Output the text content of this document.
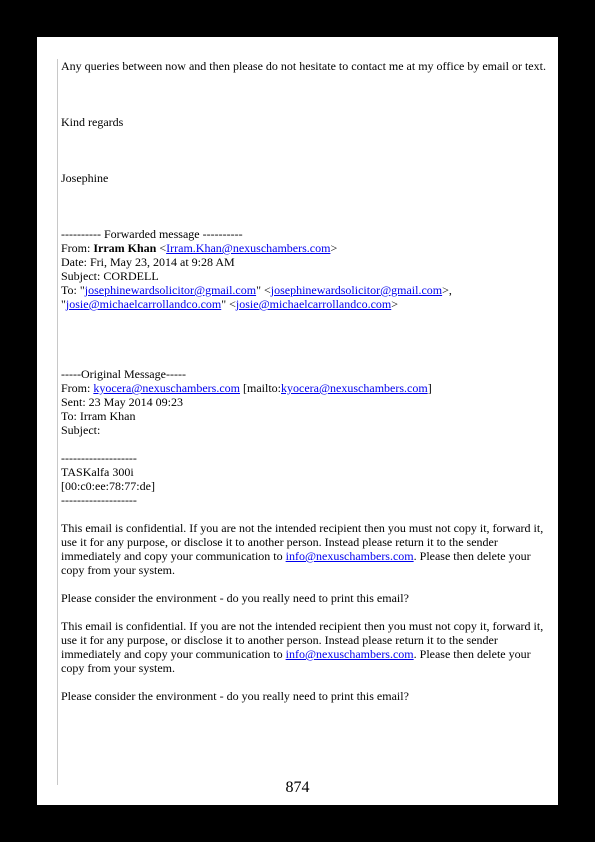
Any queries between now and then please do not hesitate to contact me at my office by email or text.

Kind regards

Josephine

---------- Forwarded message ----------

From: Irram Khan <Irram.Khan@nexuschambers.com>

Date: Fri, May 23, 2014 at 9:28 AM

Subject: CORDELL

To: "josephinewardsolicitor@gmail.com" <josephinewardsolicitor@gmail.com>,
"josie@michaelcarrollandco.com" <josie@michaelcarrollandco.com>

-----Original Message-----

From: kyocera@nexuschambers.com [mailto:kyocera@nexuschambers.com]

Sent: 23 May 2014 09:23

To: Irram Khan

Subject:

-------------------

TASKalfa 300i

[00:c0:ee:78:77:de]

-------------------

This email is confidential. If you are not the intended recipient then you must not copy it, forward it, use it for any purpose, or disclose it to another person. Instead please return it to the sender immediately and copy your communication to info@nexuschambers.com. Please then delete your copy from your system.

Please consider the environment - do you really need to print this email?

This email is confidential. If you are not the intended recipient then you must not copy it, forward it, use it for any purpose, or disclose it to another person. Instead please return it to the sender immediately and copy your communication to info@nexuschambers.com. Please then delete your copy from your system.

Please consider the environment - do you really need to print this email?

874
